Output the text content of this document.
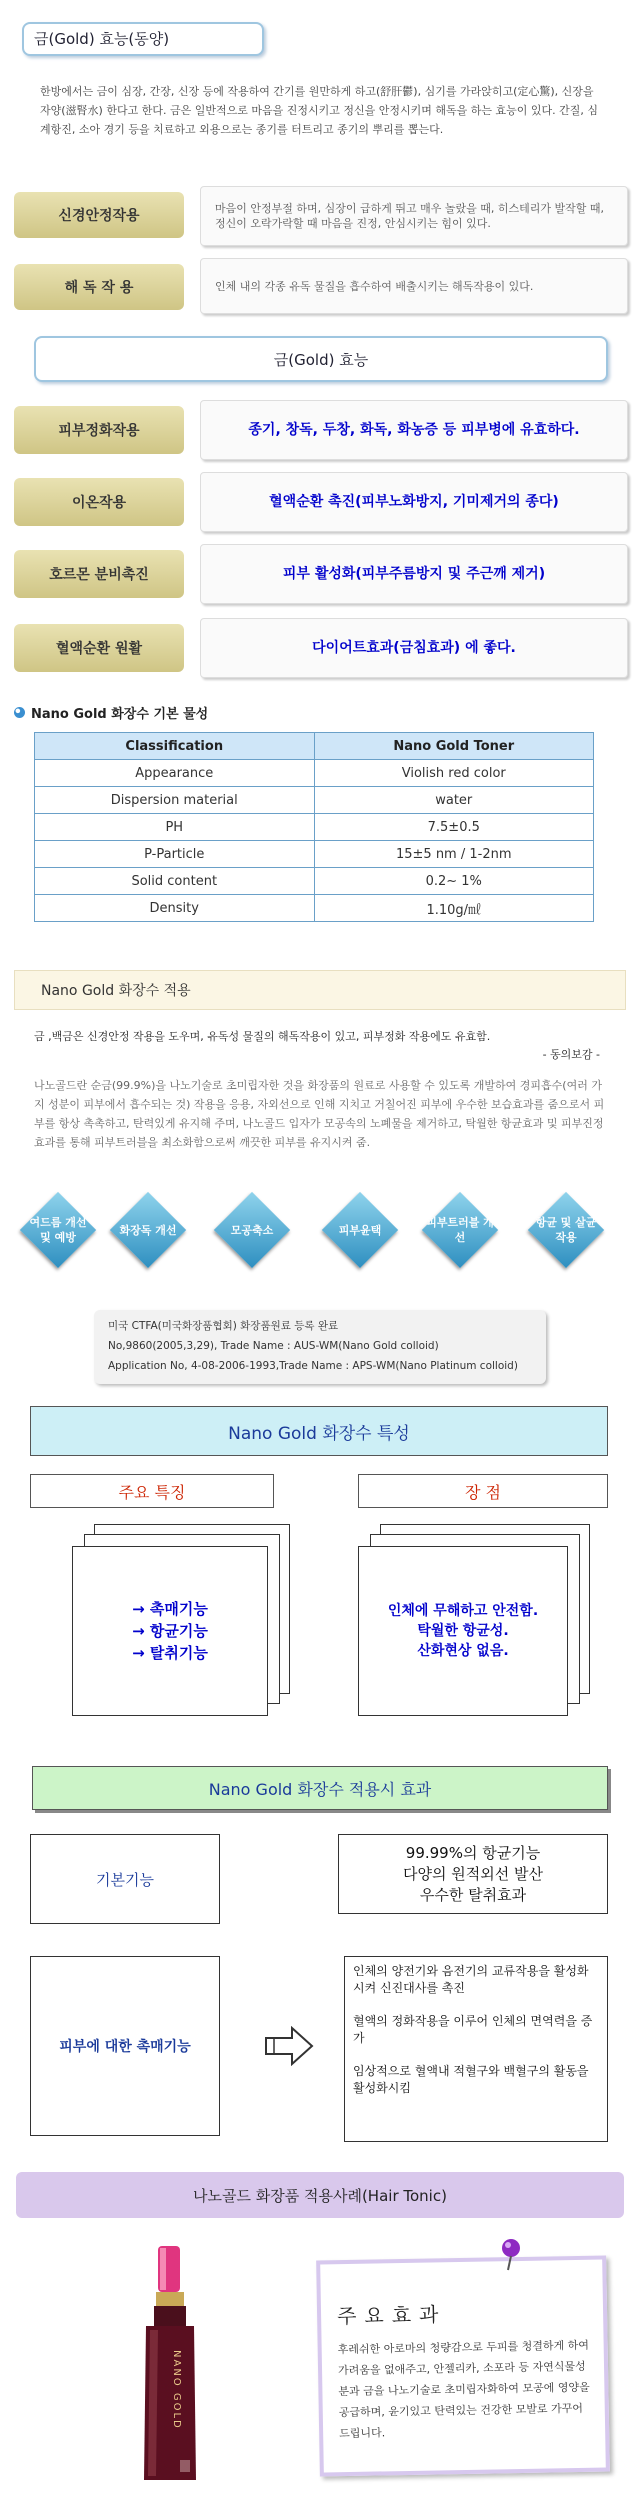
금(Gold) 효능(동양)
한방에서는 금이 심장, 간장, 신장 등에 작용하여 간기를 원만하게 하고(舒肝鬱), 심기를 가라앉히고(定心驚), 신장을 자양(滋腎水) 한다고 한다. 금은 일반적으로 마음을 진정시키고 정신을 안정시키며 해독을 하는 효능이 있다. 간질, 심계항진, 소아 경기 등을 치료하고 외용으로는 종기를 터트리고 종기의 뿌리를 뽑는다.
신경안정작용	마음이 안정부절 하며, 심장이 급하게 뛰고 매우 놀랐을 때, 히스테리가 발작할 때, 정신이 오락가락할 때 마음을 진정, 안심시키는 힘이 있다.
해 독 작 용	인체 내의 각종 유독 물질을 흡수하여 배출시키는 해독작용이 있다.
금(Gold) 효능
피부정화작용	종기, 창독, 두창, 화독, 화농증 등 피부병에 유효하다.
이온작용	혈액순환 촉진(피부노화방지, 기미제거의 종다)
호르몬 분비촉진	피부 활성화(피부주름방지 및 주근깨 제거)
혈액순환 원활	다이어트효과(금침효과) 에 좋다.
Nano Gold 화장수 기본 물성
Classification	Nano Gold Toner
Appearance	Violish red color
Dispersion material	water
PH	7.5±0.5
P-Particle	15±5 nm / 1-2nm
Solid content	0.2~ 1%
Density	1.10g/㎖
Nano Gold 화장수 적용
금 ,백금은 신경안정 작용을 도우며, 유독성 물질의 해독작용이 있고, 피부정화 작용에도 유효함.
- 동의보감 -
나노골드란 순금(99.9%)을 나노기술로 초미립자한 것을 화장품의 원료로 사용할 수 있도록 개발하여 경피흡수(여러 가지 성분이 피부에서 흡수되는 것) 작용을 응용, 자외선으로 인해 지치고 거칠어진 피부에 우수한 보습효과를 줌으로서 피부를 항상 촉촉하고, 탄력있게 유지해 주며, 나노골드 입자가 모공속의 노폐물을 제거하고, 탁월한 항균효과 및 피부진정 효과를 통해 피부트러블을 최소화함으로써 깨끗한 피부를 유지시켜 줌.
여드름 개선 및 예방
화장독 개선	모공축소	피부윤택
피부트러블 개선
항균 및 살균 작용
미국 CTFA(미국화장품협회) 화장품원료 등록 완료
No,9860(2005,3,29), Trade Name : AUS-WM(Nano Gold colloid)
Application No, 4-08-2006-1993,Trade Name : APS-WM(Nano Platinum colloid)
Nano Gold 화장수 특성
주요 특징	장 점
→ 촉매기능
→ 항균기능
→ 탈취기능
인체에 무해하고 안전함.
탁월한 항균성.
산화현상 없음.
Nano Gold 화장수 적용시 효과
기본기능
99.99%의 항균기능
다양의 원적외선 발산
우수한 탈취효과
피부에 대한 촉매기능
인체의 양전기와 음전기의 교류작용을 활성화시켜 신진대사를 촉진
혈액의 정화작용을 이루어 인체의 면역력을 증가
임상적으로 혈액내 적혈구와 백혈구의 활동을 활성화시킴
나노골드 화장품 적용사례(Hair Tonic)
NANO GOLD
주요효과
후레쉬한 아로마의 청량감으로 두피를 청결하게 하여 가려움을 없애주고, 안젤리카, 소포라 등 자연식물성분과 금을 나노기술로 초미립자화하여 모공에 영양을 공급하며, 윤기있고 탄력있는 건강한 모발로 가꾸어 드립니다.
